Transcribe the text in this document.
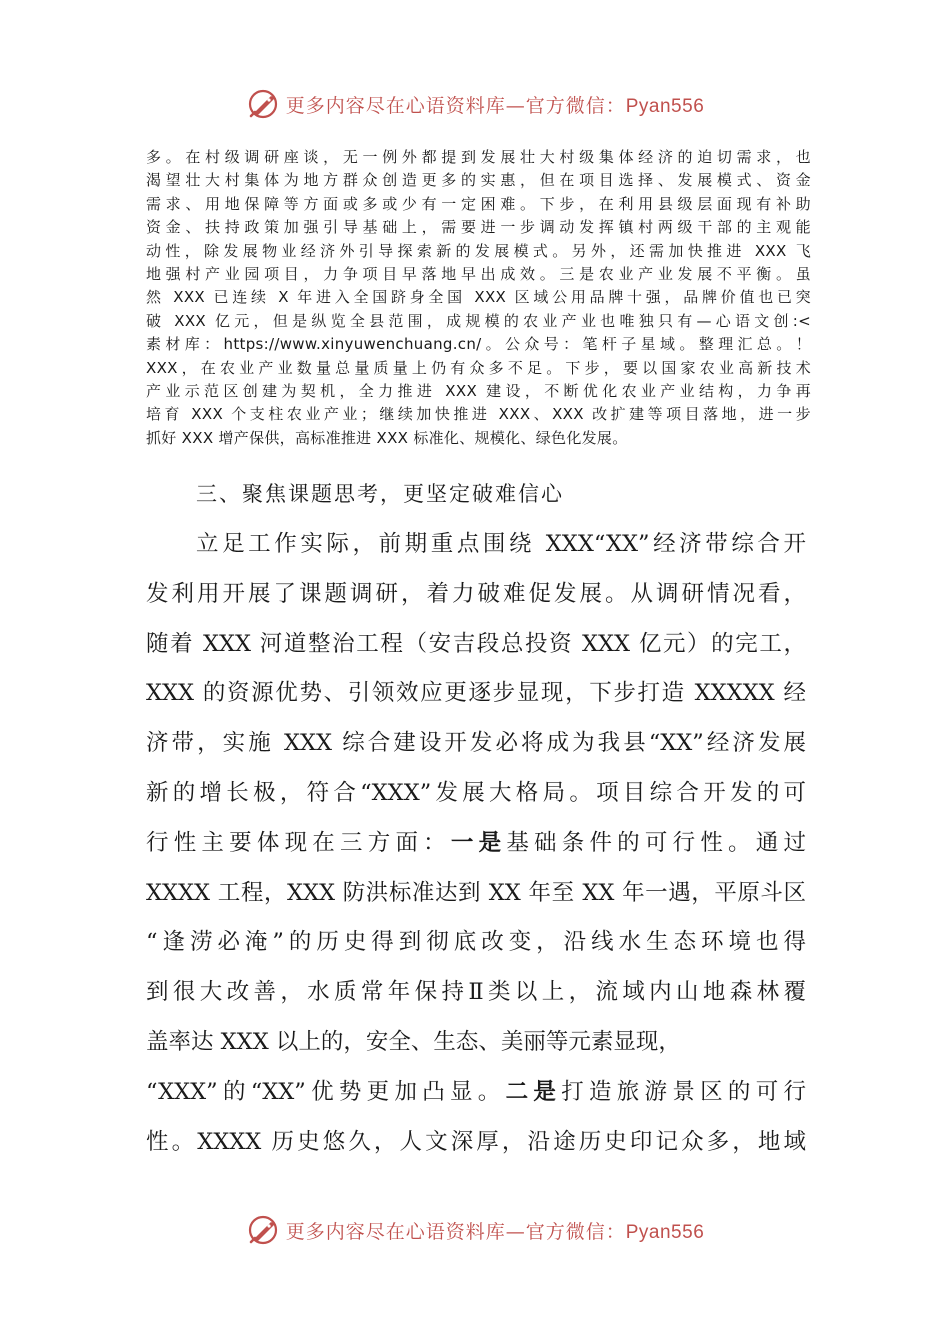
更多内容尽在心语资料库—官方微信：Pyan556
多。在村级调研座谈，无一例外都提到发展壮大村级集体经济的迫切需求，也
渴望壮大村集体为地方群众创造更多的实惠，但在项目选择、发展模式、资金
需求、用地保障等方面或多或少有一定困难。下步，在利用县级层面现有补助
资金、扶持政策加强引导基础上，需要进一步调动发挥镇村两级干部的主观能
动性，除发展物业经济外引导探索新的发展模式。另外，还需加快推进 XXX 飞
地强村产业园项目，力争项目早落地早出成效。三是农业产业发展不平衡。虽
然 XXX 已连续 X 年进入全国跻身全国 XXX 区域公用品牌十强，品牌价值也已突
破 XXX 亿元，但是纵览全县范围，成规模的农业产业也唯独只有—心语文创:<
素材库：https://www.xinyuwenchuang.cn/。公众号：笔杆子星域。整理汇总。！
XXX，在农业产业数量总量质量上仍有众多不足。下步，要以国家农业高新技术
产业示范区创建为契机，全力推进 XXX 建设，不断优化农业产业结构，力争再
培育 XXX 个支柱农业产业；继续加快推进 XXX、XXX 改扩建等项目落地，进一步
抓好 XXX 增产保供，高标准推进 XXX 标准化、规模化、绿色化发展。
三、聚焦课题思考，更坚定破难信心
立足工作实际，前期重点围绕 XXX“XX”经济带综合开
发利用开展了课题调研，着力破难促发展。从调研情况看，
随着 XXX 河道整治工程（安吉段总投资 XXX 亿元）的完工，
XXX 的资源优势、引领效应更逐步显现，下步打造 XXXXX 经
济带，实施 XXX 综合建设开发必将成为我县“XX”经济发展
新的增长极，符合“XXX”发展大格局。项目综合开发的可
行性主要体现在三方面：一是基础条件的可行性。通过
XXXX 工程，XXX 防洪标准达到 XX 年至 XX 年一遇，平原斗区
“逢涝必淹”的历史得到彻底改变，沿线水生态环境也得
到很大改善，水质常年保持Ⅱ类以上，流域内山地森林覆
盖率达 XXX 以上的，安全、生态、美丽等元素显现，
“XXX”的“XX”优势更加凸显。二是打造旅游景区的可行
性。XXXX 历史悠久，人文深厚，沿途历史印记众多，地域
更多内容尽在心语资料库—官方微信：Pyan556
